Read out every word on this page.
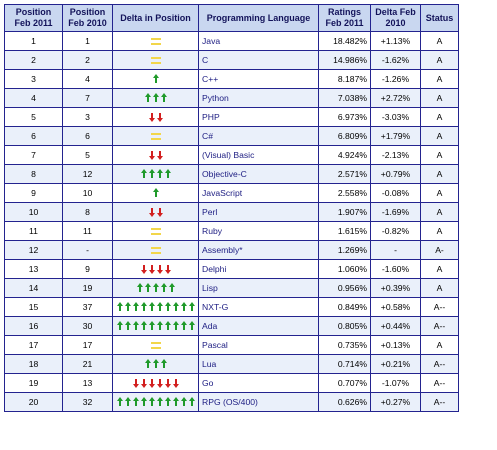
Position Feb 2011	Position Feb 2010	Delta in Position	Programming Language	Ratings Feb 2011	Delta Feb 2010	Status
1	1		Java	18.482%	+1.13%	A
2	2		C	14.986%	-1.62%	A
3	4		C++	8.187%	-1.26%	A
4	7		Python	7.038%	+2.72%	A
5	3		PHP	6.973%	-3.03%	A
6	6		C#	6.809%	+1.79%	A
7	5		(Visual) Basic	4.924%	-2.13%	A
8	12		Objective-C	2.571%	+0.79%	A
9	10		JavaScript	2.558%	-0.08%	A
10	8		Perl	1.907%	-1.69%	A
11	11		Ruby	1.615%	-0.82%	A
12	-		Assembly*	1.269%	-	A-
13	9		Delphi	1.060%	-1.60%	A
14	19		Lisp	0.956%	+0.39%	A
15	37		NXT-G	0.849%	+0.58%	A--
16	30		Ada	0.805%	+0.44%	A--
17	17		Pascal	0.735%	+0.13%	A
18	21		Lua	0.714%	+0.21%	A--
19	13		Go	0.707%	-1.07%	A--
20	32		RPG (OS/400)	0.626%	+0.27%	A--
